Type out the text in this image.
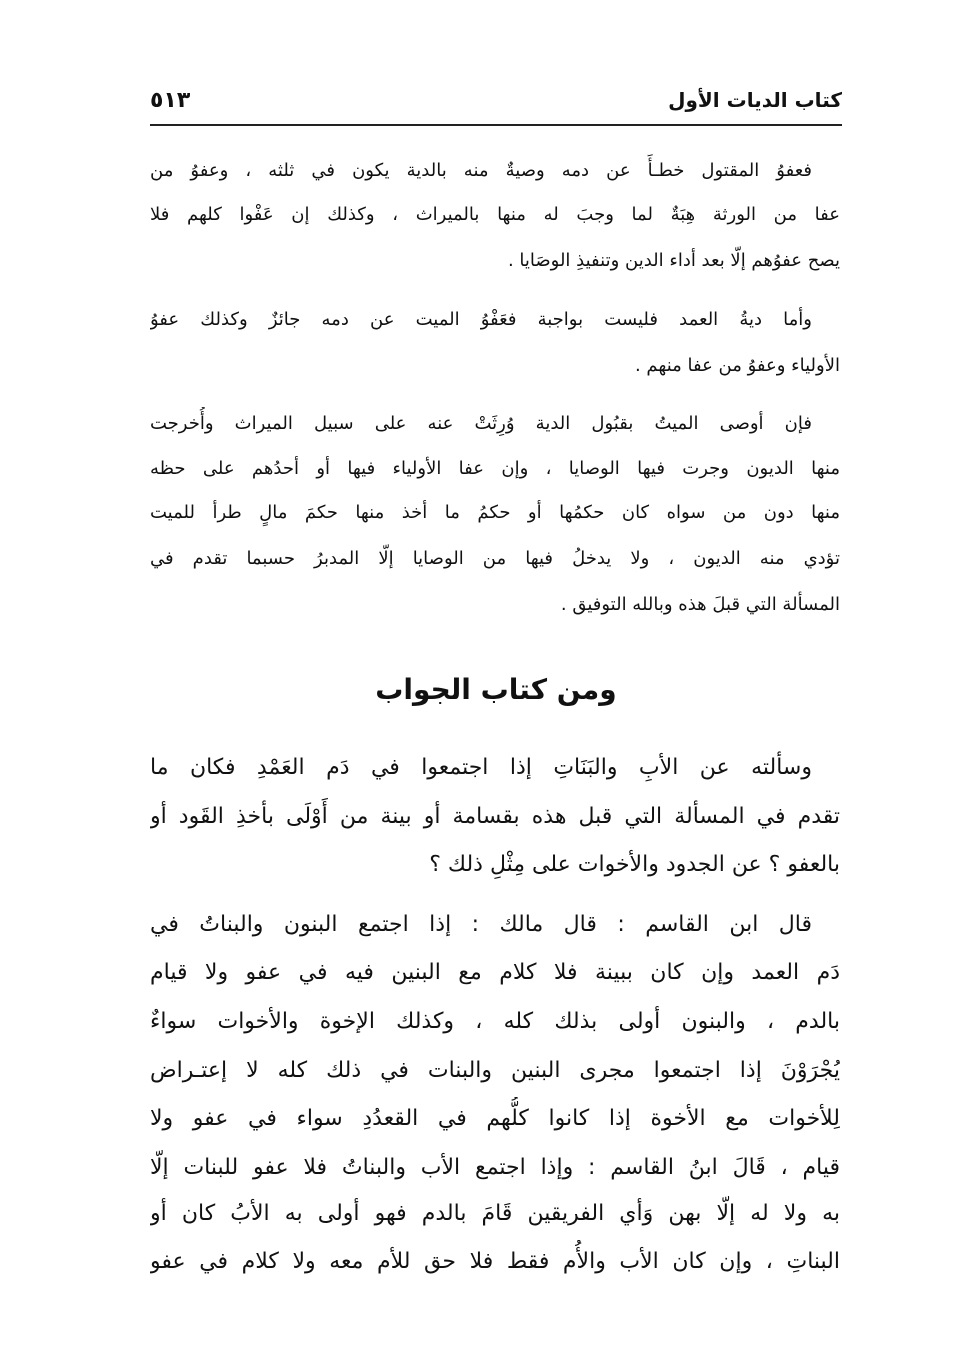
كتاب الديات الأول
٥١٣
فعفوُ المقتول خطـأً عن دمه وصيةٌ منه بالدية يكون في ثلثه ، وعفوُ من
عفا من الورثة هِبَةٌ لما وجبَ له منها بالميراث ، وكذلك إن عَفْوا كلهم فلا
يصح عفوُهم إلّا بعد أداء الدين وتنفيذِ الوصَايا .
وأما ديةُ العمد فليست بواجبة فعَفْوُ الميت عن دمه جائزٌ وكذلك عفوُ
الأولياء وعفوُ من عفا منهم .
فإن أوصى الميتُ بقبُول الدية وُرِثَتْ عنه على سبيل الميراث وأُخرجت
منها الديون وجرت فيها الوصايا ، وإن عفا الأولياء فيها أو أحدُهم على حظه
منها دون من سواه كان حكمُها أو حكمُ ما أخذ منها حكمَ مالٍ طرأ للميت
تؤدي منه الديون ، ولا يدخلُ فيها من الوصايا إلّا المدبرُ حسبما تقدم في
المسألة التي قبلَ هذه وبالله التوفيق .
ومن كتاب الجواب
وسألته عن الأبِ والبَنَاتِ إذا اجتمعوا في دَم العَمْدِ فكان ما
تقدم في المسألة التي قبل هذه بقسامة أو بينة من أَوْلَى بأخذِ القَود أو
بالعفو ؟ عن الجدود والأخوات على مِثْلِ ذلك ؟
قال ابن القاسم : قال مالك : إذا اجتمع البنون والبناتُ في
دَم العمد وإن كان ببينة فلا كلام مع البنين فيه في عفو ولا قيام
بالدم ، والبنون أولى بذلك كله ، وكذلك الإخوة والأخوات سواءٌ
يُجْرَوْنَ إذا اجتمعوا مجرى البنين والبنات في ذلك كله لا إعتـراض
لِلأخوات مع الأخوة إذا كانوا كلُّهم في القعدُدِ سواء في عفو ولا
قيام ، قَالَ ابنُ القاسم : وإذا اجتمع الأب والبناتُ فلا عفو للبنات إلّا
به ولا له إلّا بهن وَأي الفريقين قَامَ بالدم فهو أولى به الأبُ كان أو
البناتِ ، وإن كان الأب والأُم فقط فلا حق للأم معه ولا كلام في عفو
